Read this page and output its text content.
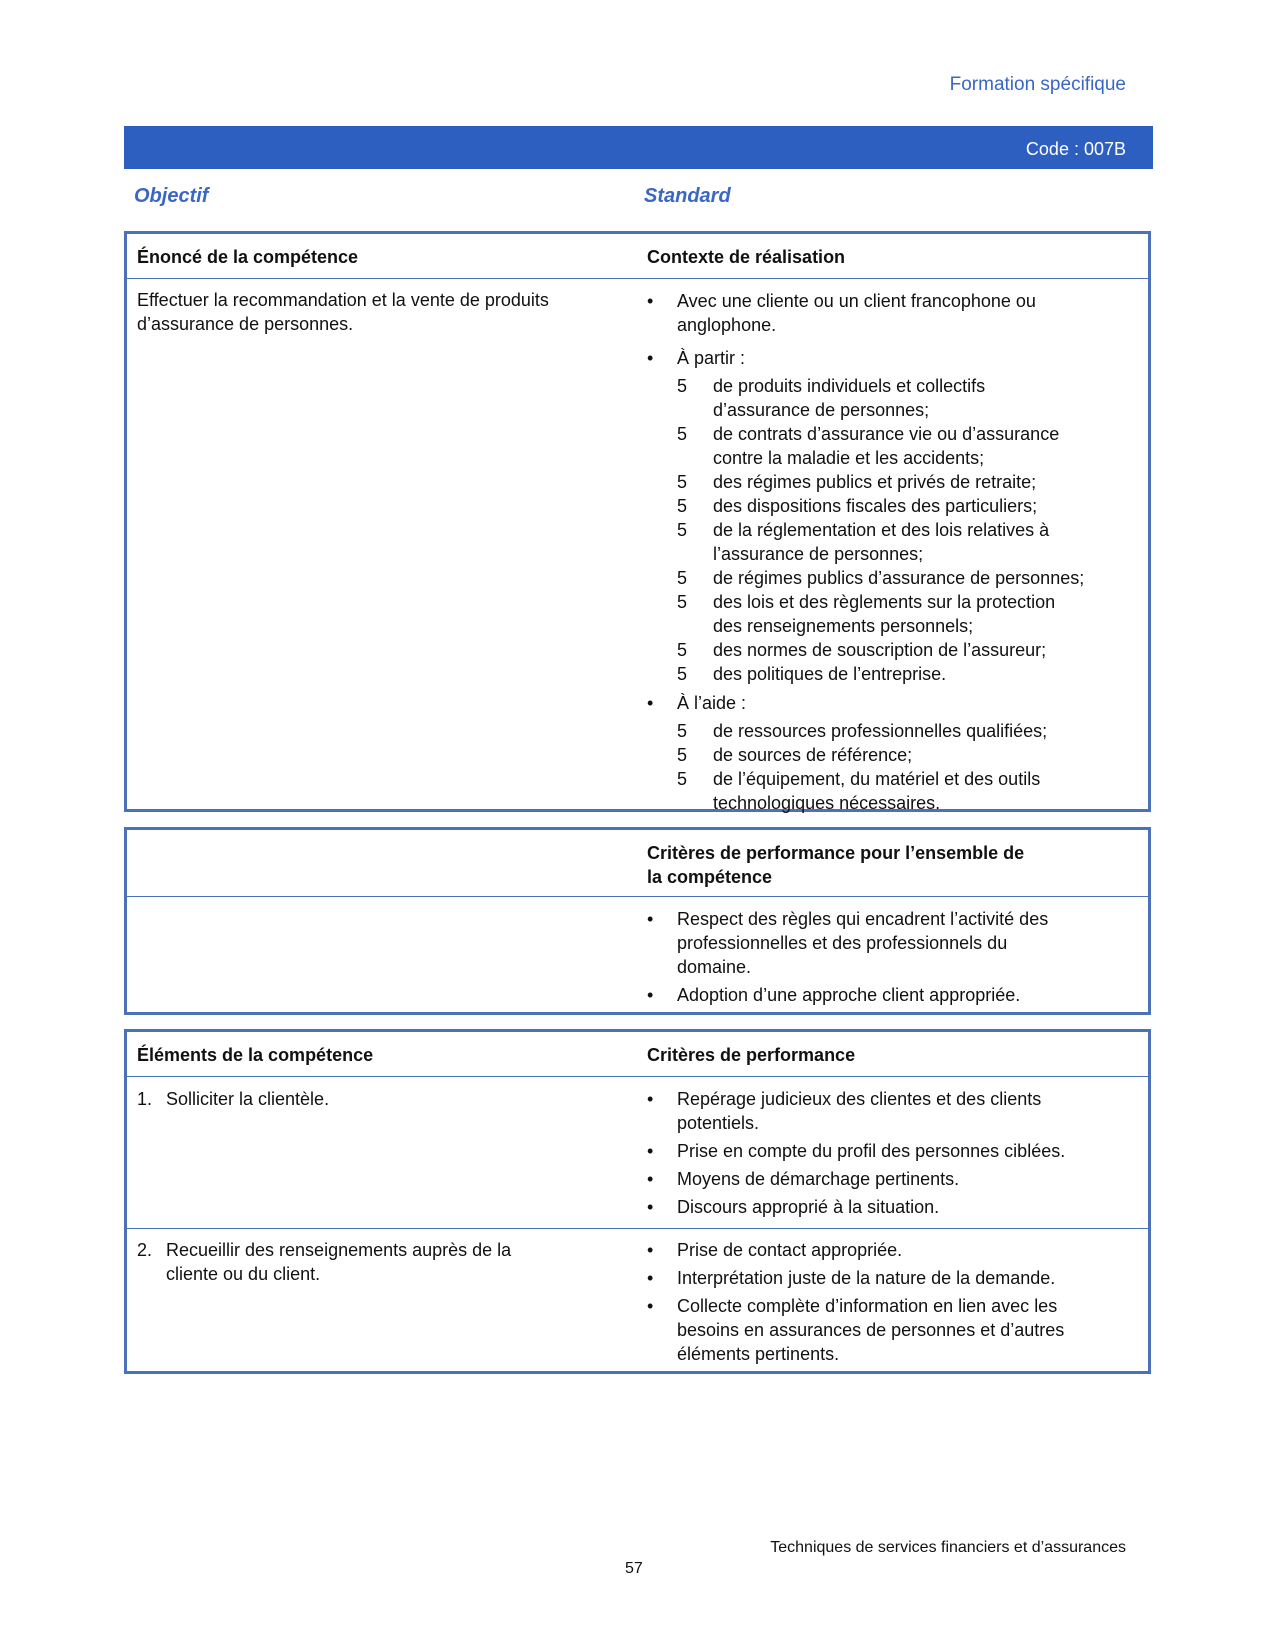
Formation spécifique
Code : 007B
Objectif	Standard
Énoncé de la compétence	Contexte de réalisation
Effectuer la recommandation et la vente de produits
d’assurance de personnes.
•	Avec une cliente ou un client francophone ou
anglophone.
•	À partir :
5	de produits individuels et collectifs
d’assurance de personnes;
5	de contrats d’assurance vie ou d’assurance
contre la maladie et les accidents;
5	des régimes publics et privés de retraite;
5	des dispositions fiscales des particuliers;
5	de la réglementation et des lois relatives à
l’assurance de personnes;
5	de régimes publics d’assurance de personnes;
5	des lois et des règlements sur la protection
des renseignements personnels;
5	des normes de souscription de l’assureur;
5	des politiques de l’entreprise.
•	À l’aide :
5	de ressources professionnelles qualifiées;
5	de sources de référence;
5	de l’équipement, du matériel et des outils
technologiques nécessaires.
Critères de performance pour l’ensemble de
la compétence
•	Respect des règles qui encadrent l’activité des
professionnelles et des professionnels du
domaine.
•	Adoption d’une approche client appropriée.
Éléments de la compétence	Critères de performance
1. Solliciter la clientèle.	•	Repérage judicieux des clientes et des clients
potentiels.
•	Prise en compte du profil des personnes ciblées.
•	Moyens de démarchage pertinents.
•	Discours approprié à la situation.
2. Recueillir des renseignements auprès de la
cliente ou du client.
•	Prise de contact appropriée.
•	Interprétation juste de la nature de la demande.
•	Collecte complète d’information en lien avec les
besoins en assurances de personnes et d’autres
éléments pertinents.
Techniques de services financiers et d’assurances
57
